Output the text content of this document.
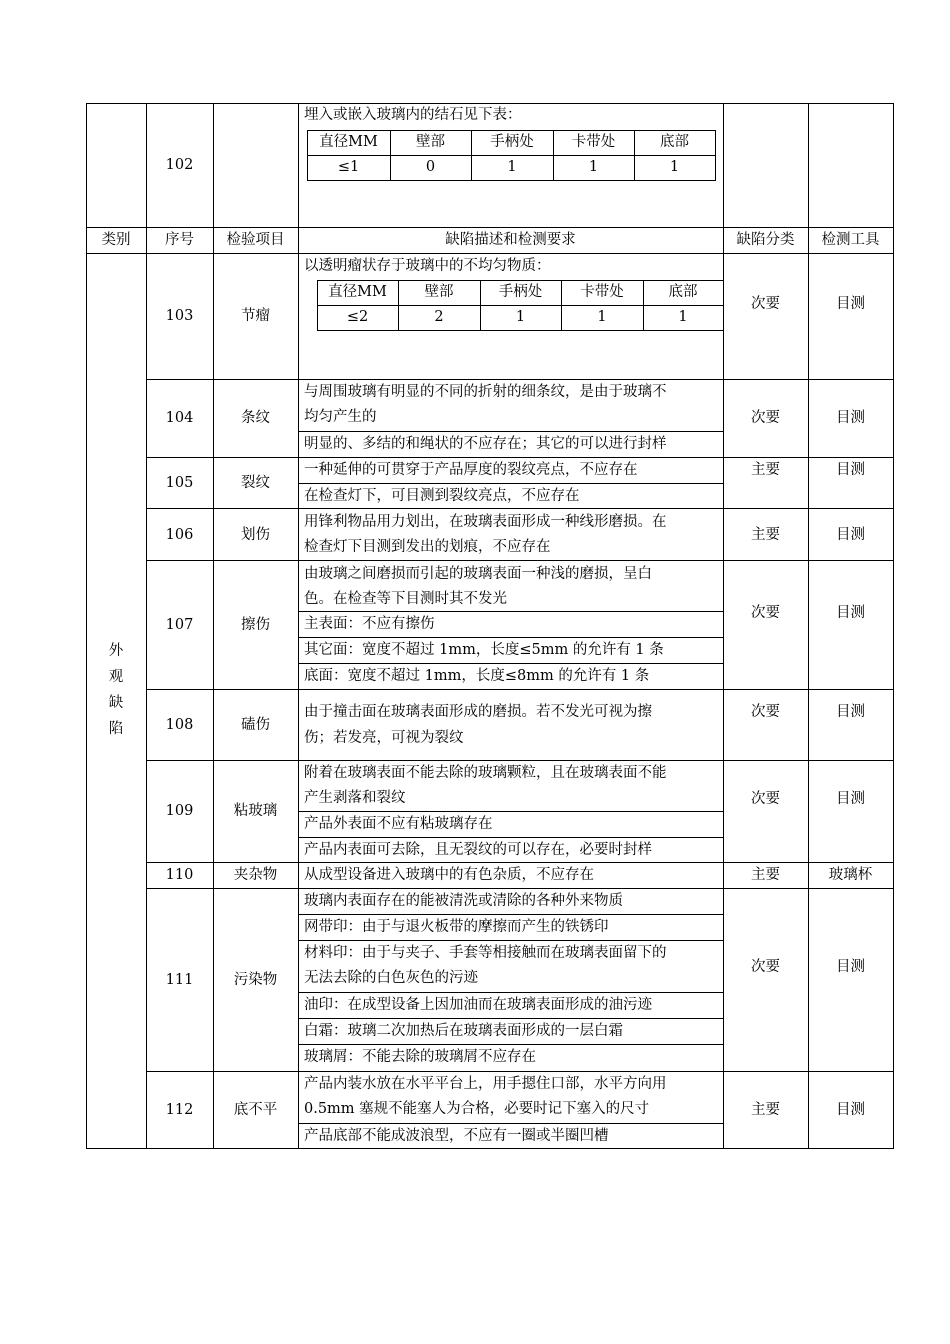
102
埋入或嵌入玻璃内的结石见下表：
直径MM	壁部	手柄处	卡带处	底部
≤1	0	1	1	1
类别	序号	检验项目	缺陷描述和检测要求	缺陷分类	检测工具
外
观
缺
陷
103	节瘤
以透明瘤状存于玻璃中的不均匀物质：
直径MM	壁部	手柄处	卡带处	底部
≤2	2	1	1	1
次要	目测
104	条纹
与周围玻璃有明显的不同的折射的细条纹，是由于玻璃不
均匀产生的
明显的、多结的和绳状的不应存在；其它的可以进行封样
次要	目测
105	裂纹
一种延伸的可贯穿于产品厚度的裂纹亮点，不应存在
在检查灯下，可目测到裂纹亮点，不应存在
主要	目测
106	划伤
用锋利物品用力划出，在玻璃表面形成一种线形磨损。在
检查灯下目测到发出的划痕，不应存在
主要	目测
107	擦伤
由玻璃之间磨损而引起的玻璃表面一种浅的磨损，呈白
色。在检查等下目测时其不发光
主表面：不应有擦伤
其它面：宽度不超过 1mm，长度≤5mm 的允许有 1 条
底面：宽度不超过 1mm，长度≤8mm 的允许有 1 条
次要	目测
108	磕伤
由于撞击面在玻璃表面形成的磨损。若不发光可视为擦
伤；若发亮，可视为裂纹
次要	目测
109	粘玻璃
附着在玻璃表面不能去除的玻璃颗粒，且在玻璃表面不能
产生剥落和裂纹
产品外表面不应有粘玻璃存在
产品内表面可去除，且无裂纹的可以存在，必要时封样
次要	目测
110	夹杂物	从成型设备进入玻璃中的有色杂质，不应存在	主要	玻璃杯
111	污染物
玻璃内表面存在的能被清洗或清除的各种外来物质
网带印：由于与退火板带的摩擦而产生的铁锈印
材料印：由于与夹子、手套等相接触而在玻璃表面留下的
无法去除的白色灰色的污迹
油印：在成型设备上因加油而在玻璃表面形成的油污迹
白霜：玻璃二次加热后在玻璃表面形成的一层白霜
玻璃屑：不能去除的玻璃屑不应存在
次要	目测
112	底不平
产品内装水放在水平平台上，用手摁住口部，水平方向用
0.5mm 塞规不能塞人为合格，必要时记下塞入的尺寸
产品底部不能成波浪型，不应有一圈或半圈凹槽
主要	目测
